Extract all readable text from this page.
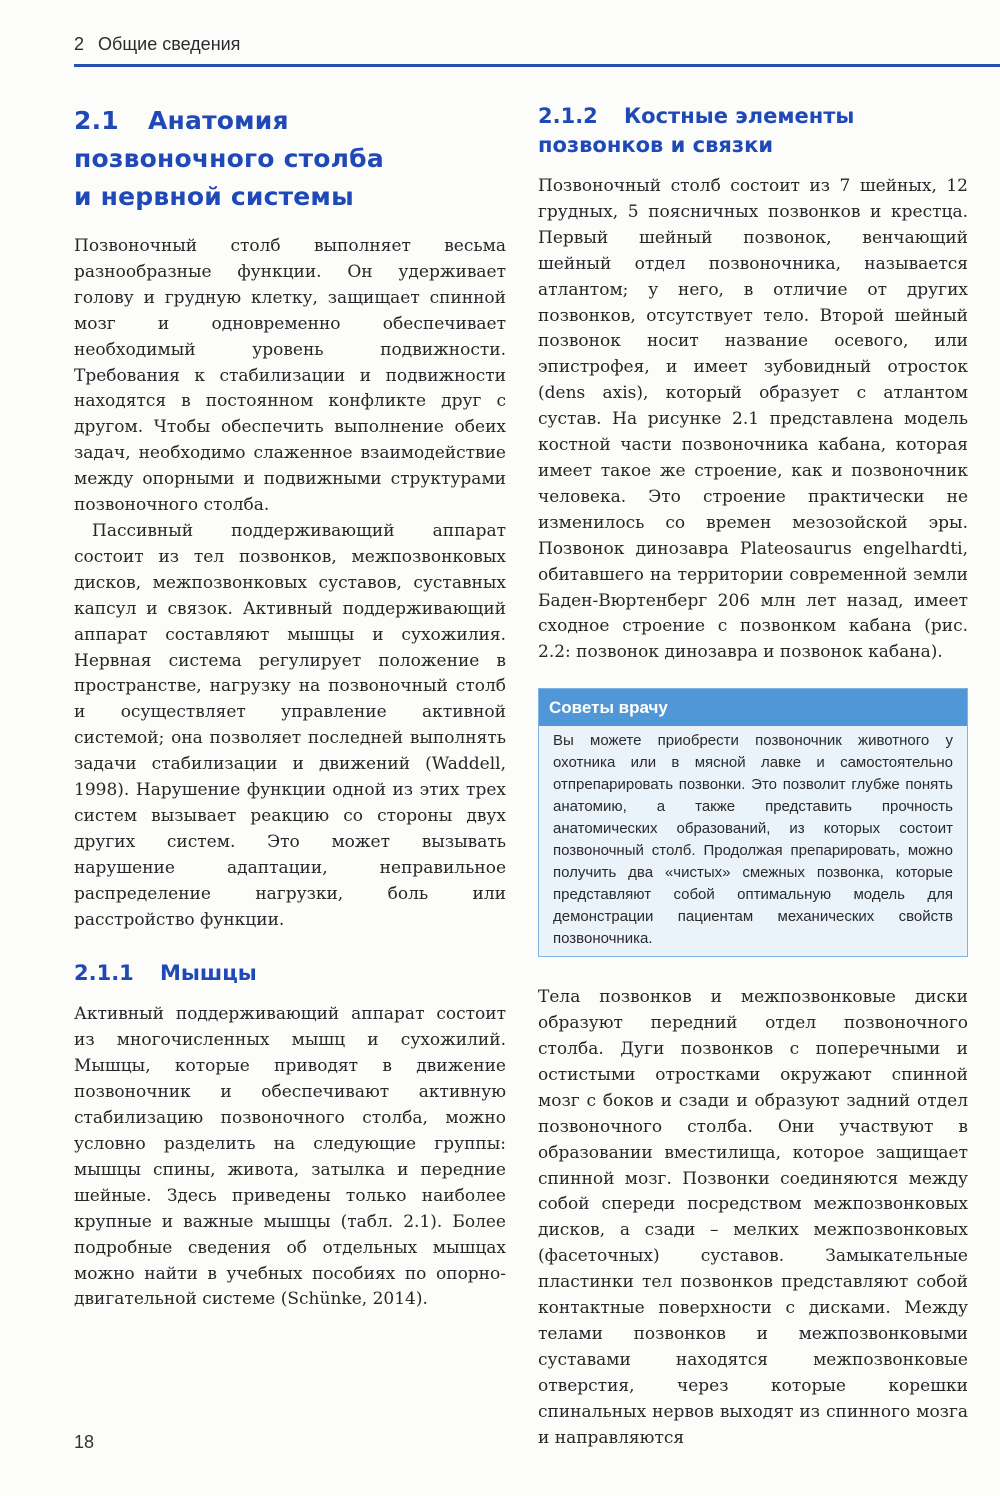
2 Общие сведения
2.1 Анатомия
позвоночного столба
и нервной системы

Позвоночный столб выполняет весьма разнообразные функции. Он удерживает голову и грудную клетку, защищает спинной мозг и одновременно обеспечивает необходимый уровень подвижности. Требования к стабилизации и подвижности находятся в постоянном конфликте друг с другом. Чтобы обеспечить выполнение обеих задач, необходимо слаженное взаимодействие между опорными и подвижными структурами позвоночного столба.

Пассивный поддерживающий аппарат состоит из тел позвонков, межпозвонковых дисков, межпозвонковых суставов, суставных капсул и связок. Активный поддерживающий аппарат составляют мышцы и сухожилия. Нервная система регулирует положение в пространстве, нагрузку на позвоночный столб и осуществляет управление активной системой; она позволяет последней выполнять задачи стабилизации и движений (Waddell, 1998). Нарушение функции одной из этих трех систем вызывает реакцию со стороны двух других систем. Это может вызывать нарушение адаптации, неправильное распределение нагрузки, боль или расстройство функции.

2.1.1 Мышцы

Активный поддерживающий аппарат состоит из многочисленных мышц и сухожилий. Мышцы, которые приводят в движение позвоночник и обеспечивают активную стабилизацию позвоночного столба, можно условно разделить на следующие группы: мышцы спины, живота, затылка и передние шейные. Здесь приведены только наиболее крупные и важные мышцы (табл. 2.1). Более подробные сведения об отдельных мышцах можно найти в учебных пособиях по опорно-двигательной системе (Schünke, 2014).

2.1.2 Костные элементы
позвонков и связки

Позвоночный столб состоит из 7 шейных, 12 грудных, 5 поясничных позвонков и крестца. Первый шейный позвонок, венчающий шейный отдел позвоночника, называется атлантом; у него, в отличие от других позвонков, отсутствует тело. Второй шейный позвонок носит название осевого, или эпистрофея, и имеет зубовидный отросток (dens axis), который образует с атлантом сустав. На рисунке 2.1 представлена модель костной части позвоночника кабана, которая имеет такое же строение, как и позвоночник человека. Это строение практически не изменилось со времен мезозойской эры. Позвонок динозавра Plateosaurus engelhardti, обитавшего на территории современной земли Баден-Вюртенберг 206 млн лет назад, имеет сходное строение с позвонком кабана (рис. 2.2: позвонок динозавра и позвонок кабана).

Советы врачу

Вы можете приобрести позвоночник животного у охотника или в мясной лавке и самостоятельно отпрепарировать позвонки. Это позволит глубже понять анатомию, а также представить прочность анатомических образований, из которых состоит позвоночный столб. Продолжая препарировать, можно получить два «чистых» смежных позвонка, которые представляют собой оптимальную модель для демонстрации пациентам механических свойств позвоночника.

Тела позвонков и межпозвонковые диски образуют передний отдел позвоночного столба. Дуги позвонков с поперечными и остистыми отростками окружают спинной мозг с боков и сзади и образуют задний отдел позвоночного столба. Они участвуют в образовании вместилища, которое защищает спинной мозг. Позвонки соединяются между собой спереди посредством межпозвонковых дисков, а сзади – мелких межпозвонковых (фасеточных) суставов. Замыкательные пластинки тел позвонков представляют собой контактные поверхности с дисками. Между телами позвонков и межпозвонковыми суставами находятся межпозвонковые отверстия, через которые корешки спинальных нервов выходят из спинного мозга и направляются

18
